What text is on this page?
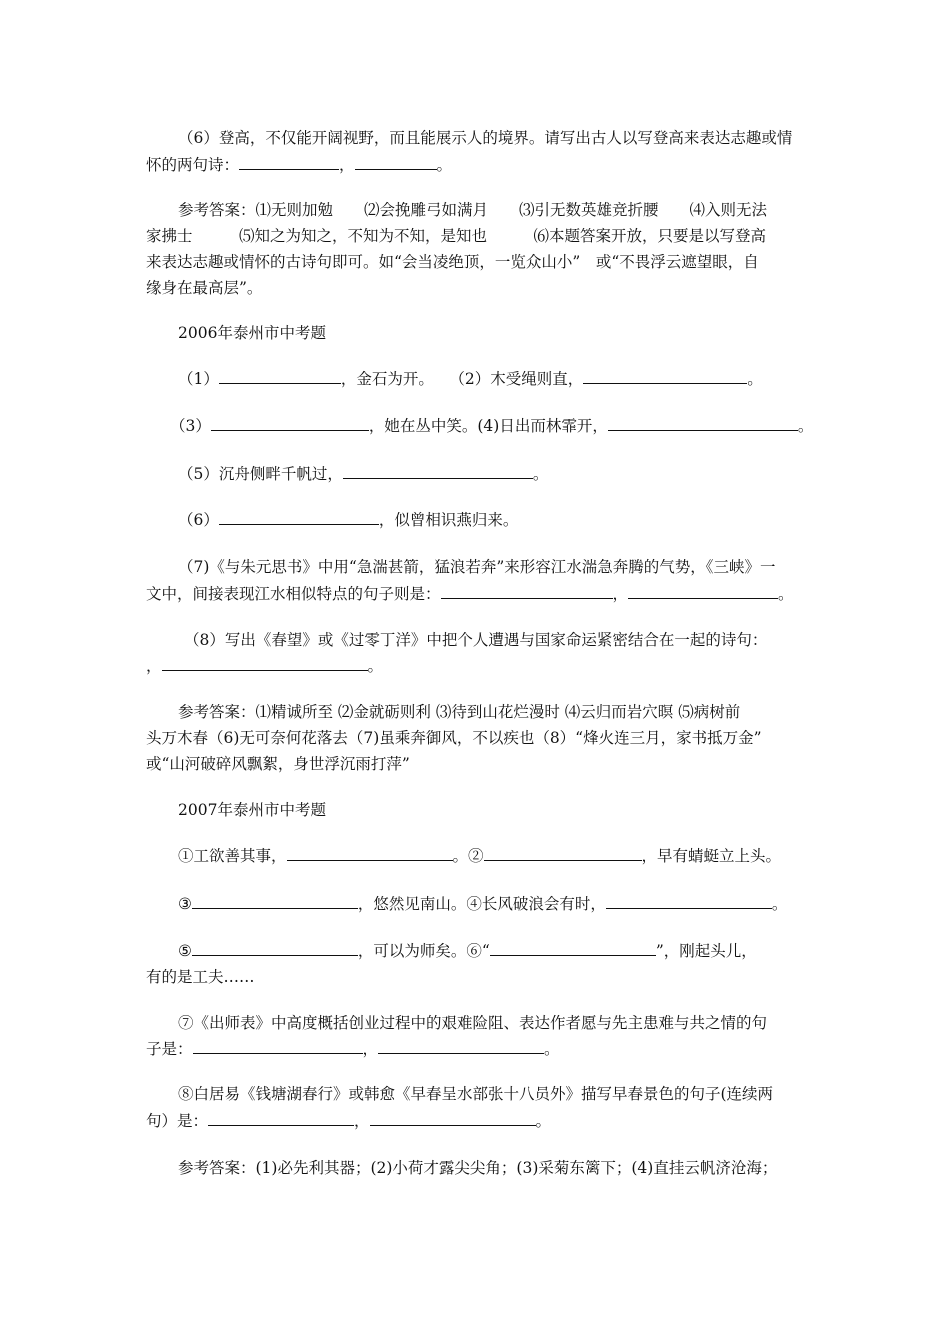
（6）登高，不仅能开阔视野，而且能展示人的境界。请写出古人以写登高来表达志趣或情
怀的两句诗：	，	。
参考答案：⑴无则加勉　　⑵会挽雕弓如满月　　⑶引无数英雄竞折腰　　⑷入则无法
家拂士　　　⑸知之为知之，不知为不知，是知也　　　⑹本题答案开放，只要是以写登高
来表达志趣或情怀的古诗句即可。如“会当凌绝顶，一览众山小”　或“不畏浮云遮望眼，自
缘身在最高层”。
2006年泰州市中考题
（1）	，金石为开。　　（2）木受绳则直，	。
（3）	，她在丛中笑。(4)日出而林霏开，	。
（5）沉舟侧畔千帆过，	。
（6）	，似曾相识燕归来。
（7)《与朱元思书》中用“急湍甚箭，猛浪若奔”来形容江水湍急奔腾的气势，《三峡》一
文中，间接表现江水相似特点的句子则是：	，	。
（8）写出《春望》或《过零丁洋》中把个人遭遇与国家命运紧密结合在一起的诗句：
，	。
参考答案：⑴精诚所至 ⑵金就砺则利 ⑶待到山花烂漫时 ⑷云归而岩穴暝 ⑸病树前
头万木春（6)无可奈何花落去（7)虽乘奔御风，不以疾也（8）“烽火连三月，家书抵万金”
或“山河破碎风飘絮，身世浮沉雨打萍”
2007年泰州市中考题
①工欲善其事，	。②	，早有蜻蜓立上头。
③	，悠然见南山。④长风破浪会有时，	。
⑤	，可以为师矣。⑥“	”，刚起头儿，
有的是工夫……
⑦《出师表》中高度概括创业过程中的艰难险阻、表达作者愿与先主患难与共之情的句
子是：	，	。
⑧白居易《钱塘湖春行》或韩愈《早春呈水部张十八员外》描写早春景色的句子(连续两
句）是：	，	。
参考答案：(1)必先利其器；(2)小荷才露尖尖角；(3)采菊东篱下；(4)直挂云帆济沧海；
